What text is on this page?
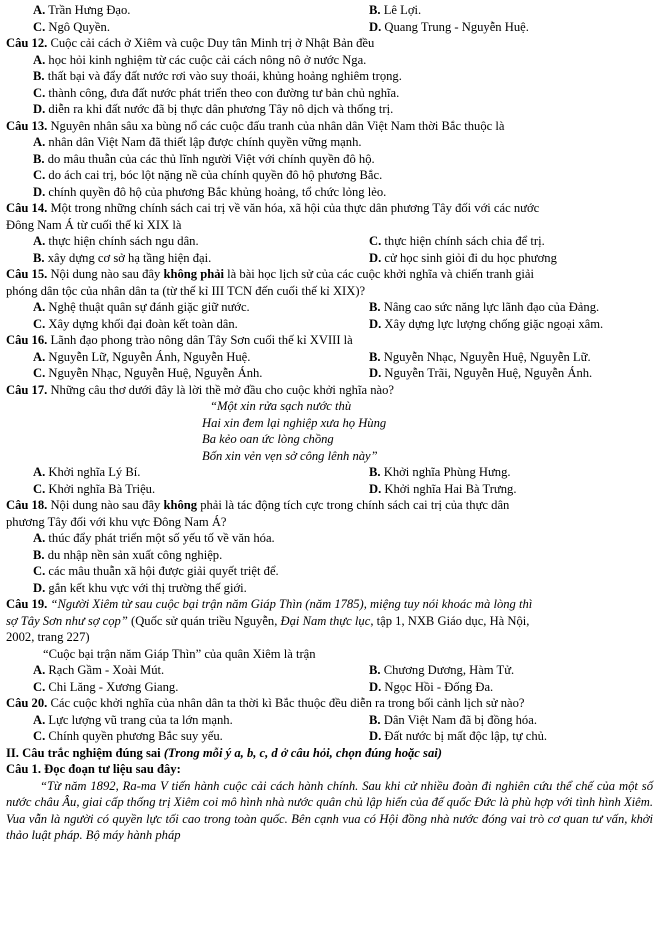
A. Trần Hưng Đạo.	B. Lê Lợi.
C. Ngô Quyền.	D. Quang Trung - Nguyễn Huệ.
Câu 12. Cuộc cải cách ở Xiêm và cuộc Duy tân Minh trị ở Nhật Bản đều
A. học hỏi kinh nghiệm từ các cuộc cải cách nông nô ở nước Nga.
B. thất bại và đẩy đất nước rơi vào suy thoái, khủng hoảng nghiêm trọng.
C. thành công, đưa đất nước phát triển theo con đường tư bản chủ nghĩa.
D. diễn ra khi đất nước đã bị thực dân phương Tây nô dịch và thống trị.
Câu 13. Nguyên nhân sâu xa bùng nổ các cuộc đấu tranh của nhân dân Việt Nam thời Bắc thuộc là
A. nhân dân Việt Nam đã thiết lập được chính quyền vững mạnh.
B. do mâu thuẫn của các thủ lĩnh người Việt với chính quyền đô hộ.
C. do ách cai trị, bóc lột nặng nề của chính quyền đô hộ phương Bắc.
D. chính quyền đô hộ của phương Bắc khủng hoảng, tổ chức lỏng lẻo.
Câu 14. Một trong những chính sách cai trị về văn hóa, xã hội của thực dân phương Tây đối với các nước
Đông Nam Á từ cuối thế kỉ XIX là
A. thực hiện chính sách ngu dân.	C. thực hiện chính sách chia để trị.
B. xây dựng cơ sở hạ tầng hiện đại.	D. cử học sinh giỏi đi du học phương
Câu 15. Nội dung nào sau đây không phải là bài học lịch sử của các cuộc khởi nghĩa và chiến tranh giải
phóng dân tộc của nhân dân ta (từ thế kỉ III TCN đến cuối thế kỉ XIX)?
A. Nghệ thuật quân sự đánh giặc giữ nước.	B. Nâng cao sức năng lực lãnh đạo của Đảng.
C. Xây dựng khối đại đoàn kết toàn dân.	D. Xây dựng lực lượng chống giặc ngoại xâm.
Câu 16. Lãnh đạo phong trào nông dân Tây Sơn cuối thế kỉ XVIII là
A. Nguyễn Lữ, Nguyễn Ánh, Nguyễn Huệ.	B. Nguyễn Nhạc, Nguyễn Huệ, Nguyễn Lữ.
C. Nguyễn Nhạc, Nguyễn Huệ, Nguyễn Ánh.	D. Nguyễn Trãi, Nguyễn Huệ, Nguyễn Ánh.
Câu 17. Những câu thơ dưới đây là lời thề mở đầu cho cuộc khởi nghĩa nào?
“Một xin rửa sạch nước thù
Hai xin đem lại nghiệp xưa họ Hùng
Ba kẻo oan ức lòng chồng
Bốn xin vẻn vẹn sở công lênh này”
A. Khởi nghĩa Lý Bí.	B. Khởi nghĩa Phùng Hưng.
C. Khởi nghĩa Bà Triệu.	D. Khởi nghĩa Hai Bà Trưng.
Câu 18. Nội dung nào sau đây không phải là tác động tích cực trong chính sách cai trị của thực dân
phương Tây đối với khu vực Đông Nam Á?
A. thúc đẩy phát triển một số yếu tố về văn hóa.
B. du nhập nền sản xuất công nghiệp.
C. các mâu thuẫn xã hội được giải quyết triệt để.
D. gắn kết khu vực với thị trường thế giới.
Câu 19. “Người Xiêm từ sau cuộc bại trận năm Giáp Thìn (năm 1785), miệng tuy nói khoác mà lòng thì
sợ Tây Sơn như sợ cọp” (Quốc sử quán triều Nguyễn, Đại Nam thực lục, tập 1, NXB Giáo dục, Hà Nội,
2002, trang 227)
“Cuộc bại trận năm Giáp Thìn” của quân Xiêm là trận
A. Rạch Gầm - Xoài Mút.	B. Chương Dương, Hàm Tử.
C. Chi Lăng - Xương Giang.	D. Ngọc Hồi - Đống Đa.
Câu 20. Các cuộc khởi nghĩa của nhân dân ta thời kì Bắc thuộc đều diễn ra trong bối cảnh lịch sử nào?
A. Lực lượng vũ trang của ta lớn mạnh.	B. Dân Việt Nam đã bị đồng hóa.
C. Chính quyền phương Bắc suy yếu.	D. Đất nước bị mất độc lập, tự chủ.
II. Câu trắc nghiệm đúng sai (Trong mỗi ý a, b, c, d ở câu hỏi, chọn đúng hoặc sai)
Câu 1. Đọc đoạn tư liệu sau đây:
“Từ năm 1892, Ra-ma V tiến hành cuộc cải cách hành chính. Sau khi cử nhiều đoàn đi nghiên cứu thể chế của một số nước châu Âu, giai cấp thống trị Xiêm coi mô hình nhà nước quân chủ lập hiến của đế quốc Đức là phù hợp với tình hình Xiêm. Vua vẫn là người có quyền lực tối cao trong toàn quốc. Bên cạnh vua có Hội đồng nhà nước đóng vai trò cơ quan tư vấn, khởi thảo luật pháp. Bộ máy hành pháp
